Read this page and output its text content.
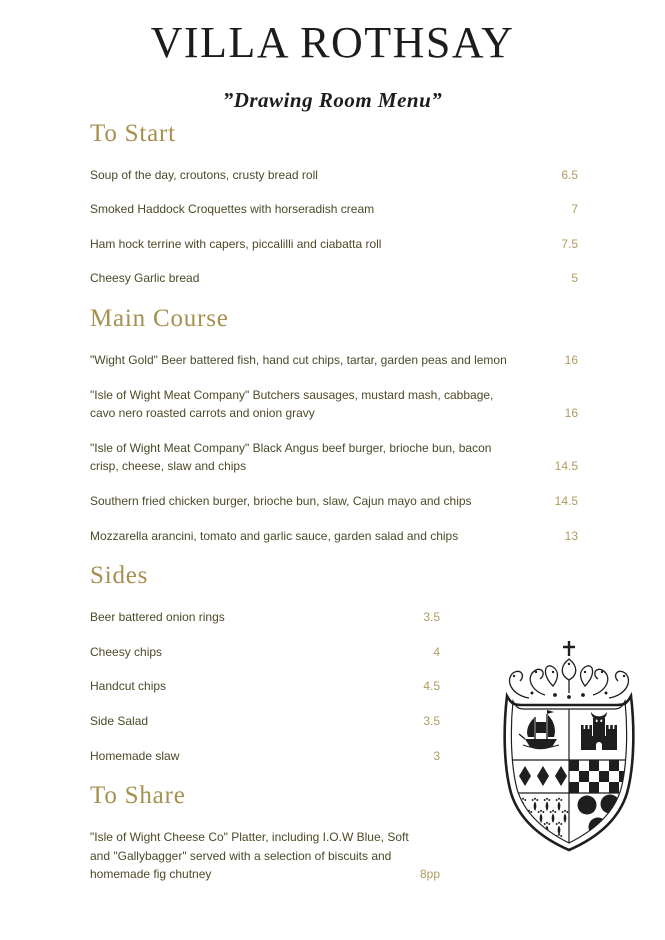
VILLA ROTHSAY
”Drawing Room Menu”
To Start
Soup of the day, croutons, crusty bread roll	6.5
Smoked Haddock Croquettes with horseradish cream	7
Ham hock terrine with capers, piccalilli and ciabatta roll	7.5
Cheesy Garlic bread	5
Main Course
"Wight Gold" Beer battered fish, hand cut chips, tartar, garden peas and lemon	16
"Isle of Wight Meat Company" Butchers sausages, mustard mash, cabbage, cavo nero roasted carrots and onion gravy	16
"Isle of Wight Meat Company" Black Angus beef burger, brioche bun, bacon crisp, cheese, slaw and chips	14.5
Southern fried chicken burger, brioche bun, slaw, Cajun mayo and chips	14.5
Mozzarella arancini, tomato and garlic sauce, garden salad and chips	13
Sides
Beer battered onion rings	3.5
Cheesy chips	4
Handcut chips	4.5
Side Salad	3.5
Homemade slaw	3
To Share
"Isle of Wight Cheese Co" Platter, including I.O.W Blue, Soft and "Gallybagger" served with a selection of biscuits and homemade fig chutney	8pp
